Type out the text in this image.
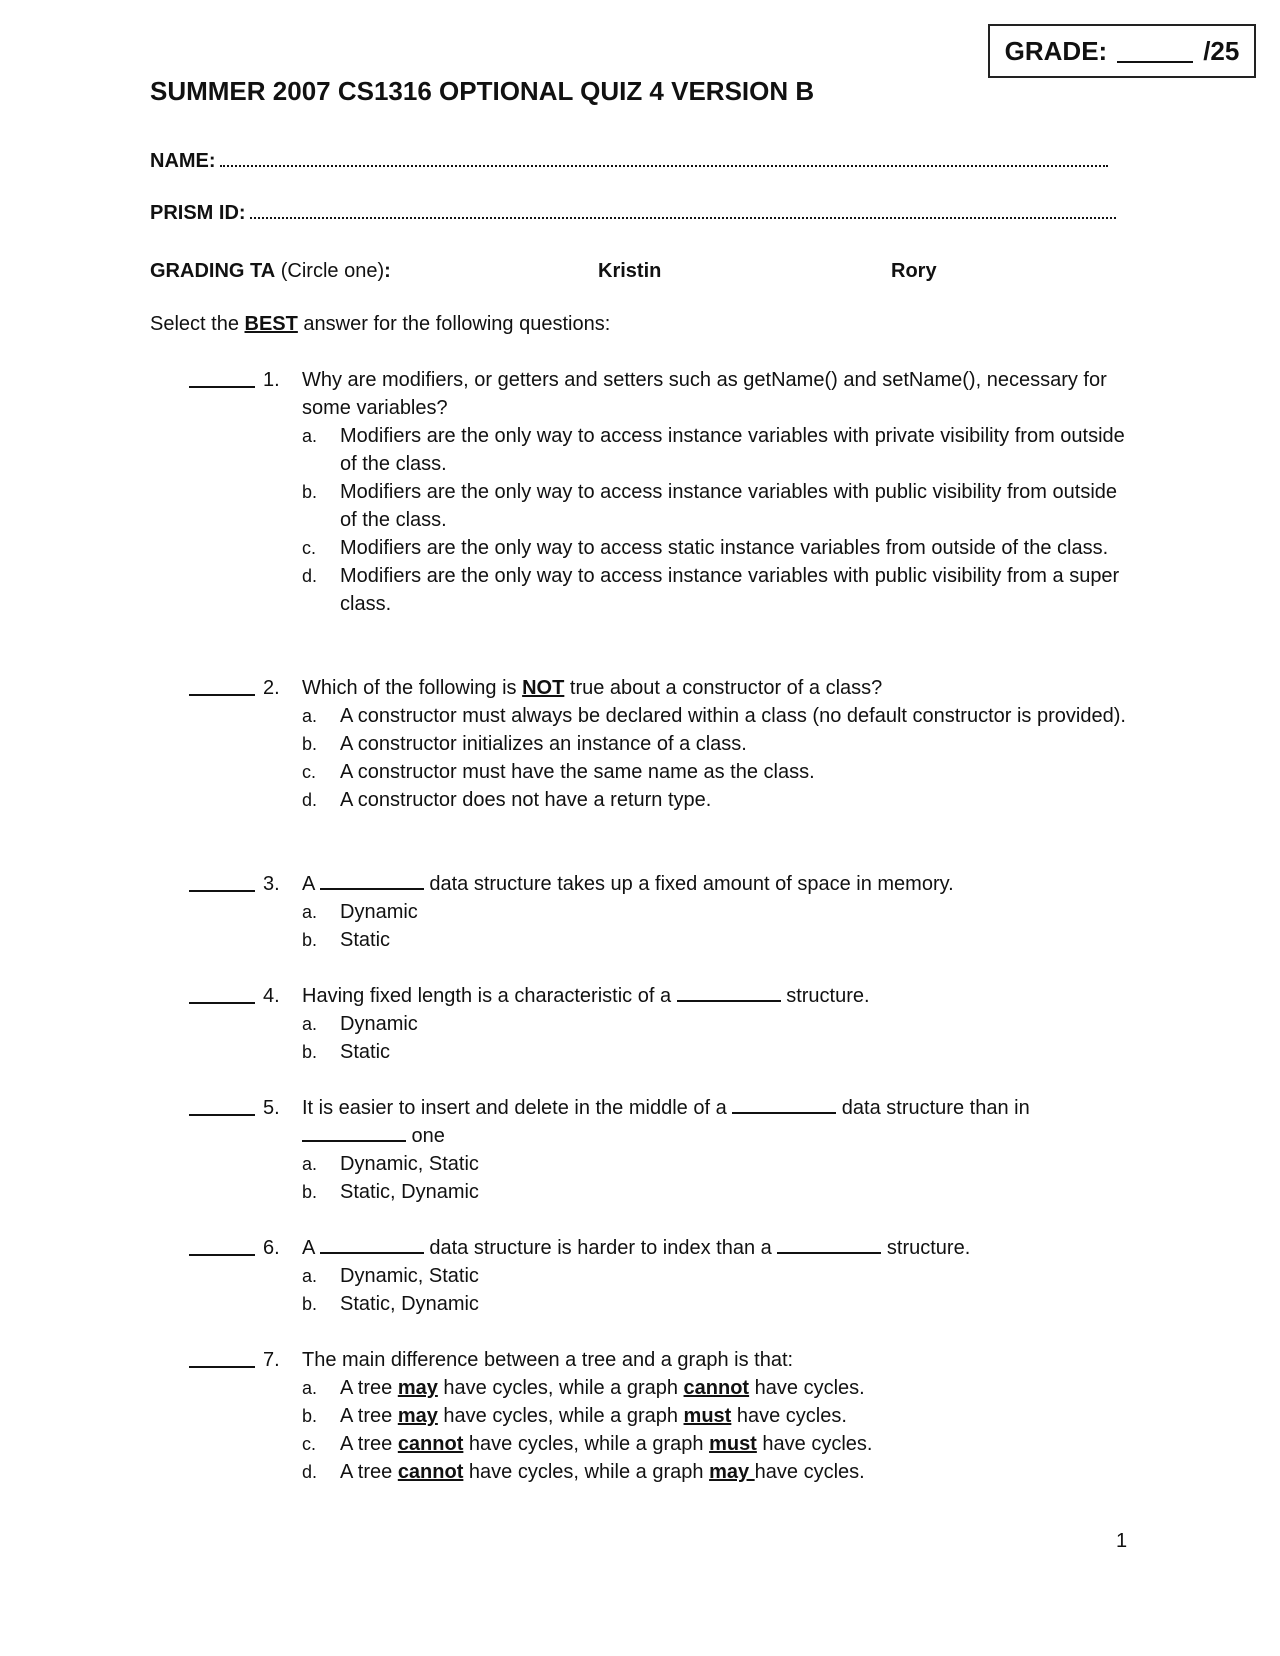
GRADE:	/25
SUMMER 2007 CS1316 OPTIONAL QUIZ 4 VERSION B
NAME:
PRISM ID:
GRADING TA (Circle one):	Kristin	Rory
Select the BEST answer for the following questions:
1. Why are modifiers, or getters and setters such as getName() and setName(), necessary for some variables?
a. Modifiers are the only way to access instance variables with private visibility from outside of the class.
b. Modifiers are the only way to access instance variables with public visibility from outside of the class.
c. Modifiers are the only way to access static instance variables from outside of the class.
d. Modifiers are the only way to access instance variables with public visibility from a super class.
2. Which of the following is NOT true about a constructor of a class?
a. A constructor must always be declared within a class (no default constructor is provided).
b. A constructor initializes an instance of a class.
c. A constructor must have the same name as the class.
d. A constructor does not have a return type.
3. A	data structure takes up a fixed amount of space in memory.
a. Dynamic
b. Static
4. Having fixed length is a characteristic of a	structure.
a. Dynamic
b. Static
5. It is easier to insert and delete in the middle of a	data structure than in
one
a. Dynamic, Static
b. Static, Dynamic
6. A	data structure is harder to index than a	structure.
a. Dynamic, Static
b. Static, Dynamic
7. The main difference between a tree and a graph is that:
a. A tree may have cycles, while a graph cannot have cycles.
b. A tree may have cycles, while a graph must have cycles.
c. A tree cannot have cycles, while a graph must have cycles.
d. A tree cannot have cycles, while a graph may have cycles.
1
